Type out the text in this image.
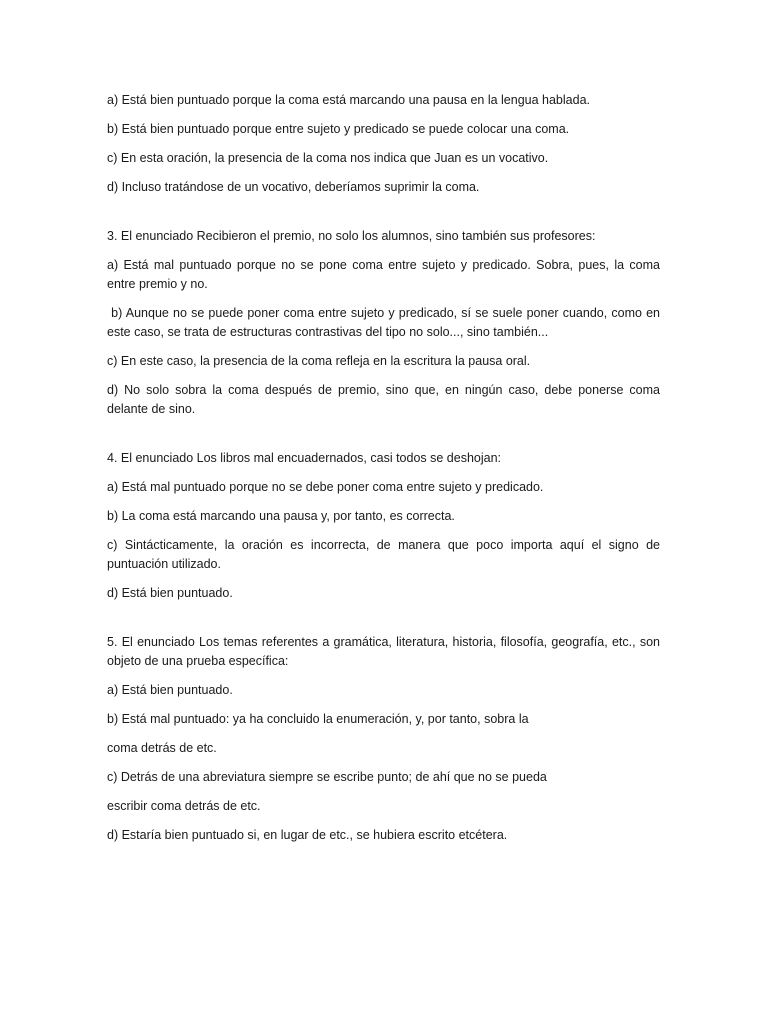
a) Está bien puntuado porque la coma está marcando una pausa en la lengua hablada.

b) Está bien puntuado porque entre sujeto y predicado se puede colocar una coma.

c) En esta oración, la presencia de la coma nos indica que Juan es un vocativo.

d) Incluso tratándose de un vocativo, deberíamos suprimir la coma.

3. El enunciado Recibieron el premio, no solo los alumnos, sino también sus profesores:

a) Está mal puntuado porque no se pone coma entre sujeto y predicado. Sobra, pues, la coma entre premio y no.

b) Aunque no se puede poner coma entre sujeto y predicado, sí se suele poner cuando, como en este caso, se trata de estructuras contrastivas del tipo no solo..., sino también...

c) En este caso, la presencia de la coma refleja en la escritura la pausa oral.

d) No solo sobra la coma después de premio, sino que, en ningún caso, debe ponerse coma delante de sino.

4. El enunciado Los libros mal encuadernados, casi todos se deshojan:

a) Está mal puntuado porque no se debe poner coma entre sujeto y predicado.

b) La coma está marcando una pausa y, por tanto, es correcta.

c) Sintácticamente, la oración es incorrecta, de manera que poco importa aquí el signo de puntuación utilizado.

d) Está bien puntuado.

5. El enunciado Los temas referentes a gramática, literatura, historia, filosofía, geografía, etc., son objeto de una prueba específica:

a) Está bien puntuado.

b) Está mal puntuado: ya ha concluido la enumeración, y, por tanto, sobra la

coma detrás de etc.

c) Detrás de una abreviatura siempre se escribe punto; de ahí que no se pueda

escribir coma detrás de etc.

d) Estaría bien puntuado si, en lugar de etc., se hubiera escrito etcétera.
